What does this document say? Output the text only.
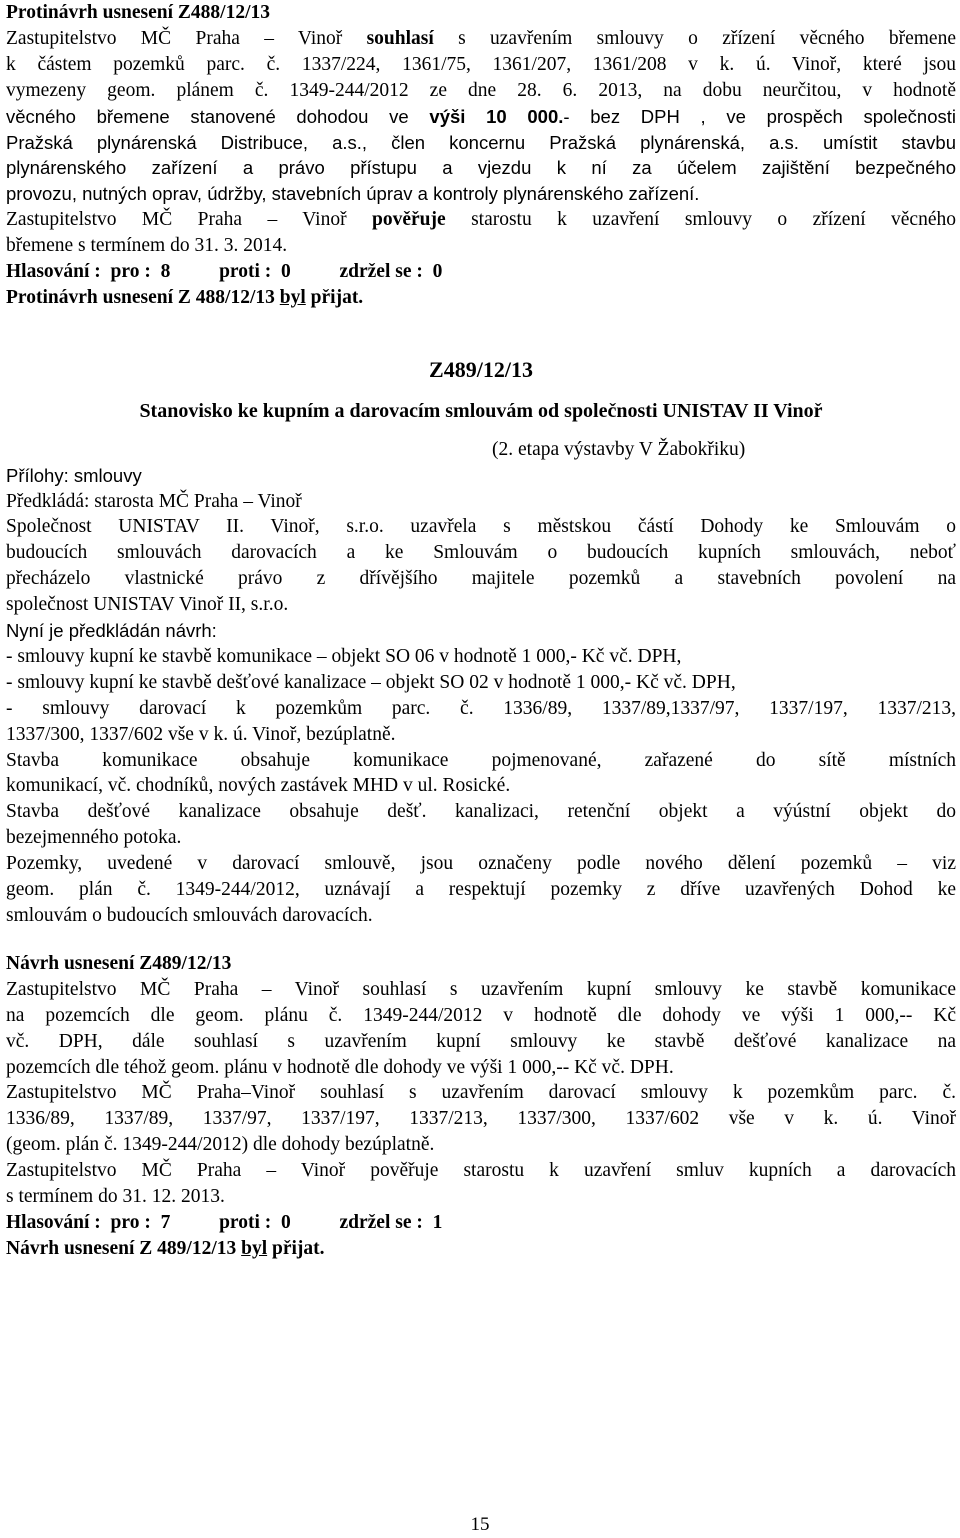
Protinávrh usnesení Z488/12/13

Zastupitelstvo MČ Praha – Vinoř souhlasí s uzavřením smlouvy o zřízení věcného břemene

k částem pozemků parc. č. 1337/224, 1361/75, 1361/207, 1361/208 v k. ú. Vinoř, které jsou

vymezeny geom. plánem č. 1349-244/2012 ze dne 28. 6. 2013, na dobu neurčitou, v hodnotě

věcného břemene stanovené dohodou ve výši 10 000.- bez DPH , ve prospěch společnosti

Pražská plynárenská Distribuce, a.s., člen koncernu Pražská plynárenská, a.s. umístit stavbu

plynárenského zařízení a právo přístupu a vjezdu k ní za účelem zajištění bezpečného

provozu, nutných oprav, údržby, stavebních úprav a kontroly plynárenského zařízení.

Zastupitelstvo MČ Praha – Vinoř pověřuje starostu k uzavření smlouvy o zřízení věcného

břemene s termínem do 31. 3. 2014.

Hlasování :  pro :  8          proti :  0          zdržel se :  0

Protinávrh usnesení Z 488/12/13 byl přijat.

Z489/12/13

Stanovisko ke kupním a darovacím smlouvám od společnosti UNISTAV II Vinoř

(2. etapa výstavby V Žabokřiku)

Přílohy: smlouvy

Předkládá: starosta MČ Praha – Vinoř

Společnost UNISTAV II. Vinoř, s.r.o. uzavřela s městskou částí Dohody ke Smlouvám o

budoucích smlouvách darovacích a ke Smlouvám o budoucích kupních smlouvách, neboť

přecházelo vlastnické právo z dřívějšího majitele pozemků a stavebních povolení na

společnost UNISTAV Vinoř II, s.r.o.

Nyní je předkládán návrh:

- smlouvy kupní ke stavbě komunikace – objekt SO 06 v hodnotě 1 000,- Kč vč. DPH,

- smlouvy kupní ke stavbě dešťové kanalizace – objekt SO 02 v hodnotě 1 000,- Kč vč. DPH,

- smlouvy darovací k pozemkům parc. č. 1336/89, 1337/89,1337/97, 1337/197, 1337/213,

1337/300, 1337/602 vše v k. ú. Vinoř, bezúplatně.

Stavba komunikace obsahuje komunikace pojmenované, zařazené do sítě místních

komunikací, vč. chodníků, nových zastávek MHD v ul. Rosické.

Stavba dešťové kanalizace obsahuje dešť. kanalizaci, retenční objekt a výústní objekt do

bezejmenného potoka.

Pozemky, uvedené v darovací smlouvě, jsou označeny podle nového dělení pozemků – viz

geom. plán č. 1349-244/2012, uznávají a respektují pozemky z dříve uzavřených Dohod ke

smlouvám o budoucích smlouvách darovacích.

Návrh usnesení Z489/12/13

Zastupitelstvo MČ Praha – Vinoř souhlasí s uzavřením kupní smlouvy ke stavbě komunikace

na pozemcích dle geom. plánu č. 1349-244/2012 v hodnotě dle dohody ve výši 1 000,-- Kč

vč. DPH, dále souhlasí s uzavřením kupní smlouvy ke stavbě dešťové kanalizace na

pozemcích dle téhož geom. plánu v hodnotě dle dohody ve výši 1 000,-- Kč vč. DPH.

Zastupitelstvo MČ Praha–Vinoř souhlasí s uzavřením darovací smlouvy k pozemkům parc. č.

1336/89, 1337/89, 1337/97, 1337/197, 1337/213, 1337/300, 1337/602 vše v k. ú. Vinoř

(geom. plán č. 1349-244/2012) dle dohody bezúplatně.

Zastupitelstvo MČ Praha – Vinoř pověřuje starostu k uzavření smluv kupních a darovacích

s termínem do 31. 12. 2013.

Hlasování :  pro :  7          proti :  0          zdržel se :  1

Návrh usnesení Z 489/12/13 byl přijat.

15
